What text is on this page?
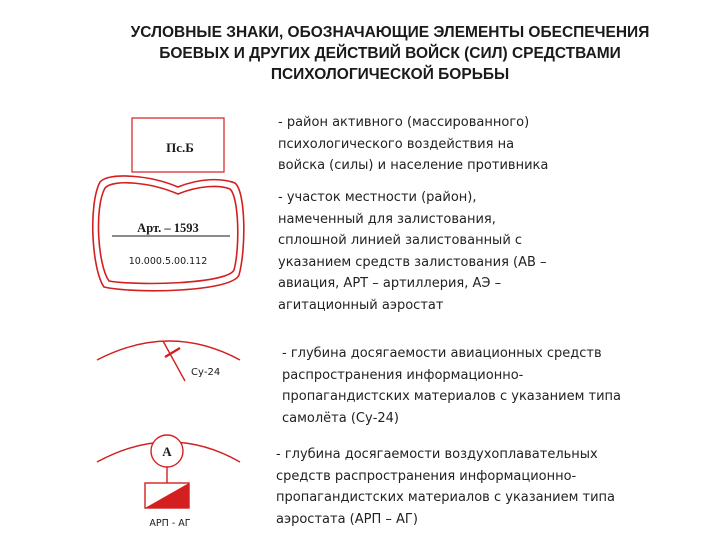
УСЛОВНЫЕ ЗНАКИ, ОБОЗНАЧАЮЩИЕ ЭЛЕМЕНТЫ ОБЕСПЕЧЕНИЯ
БОЕВЫХ И ДРУГИХ ДЕЙСТВИЙ ВОЙСК (СИЛ) СРЕДСТВАМИ
ПСИХОЛОГИЧЕСКОЙ БОРЬБЫ
Пс.Б
Арт. – 1593
10.000.5.00.112
Су-24
А
АРП - АГ
- район активного (массированного)
психологического воздействия на
войска (силы) и население противника
- участок местности (район),
намеченный для залистования,
сплошной линией залистованный с
указанием средств залистования (АВ –
авиация, АРТ – артиллерия, АЭ –
агитационный аэростат
- глубина досягаемости авиационных средств
распространения информационно-
пропагандистских материалов с указанием типа
самолёта (Су-24)
- глубина досягаемости воздухоплавательных
средств распространения информационно-
пропагандистских материалов с указанием типа
аэростата (АРП – АГ)
